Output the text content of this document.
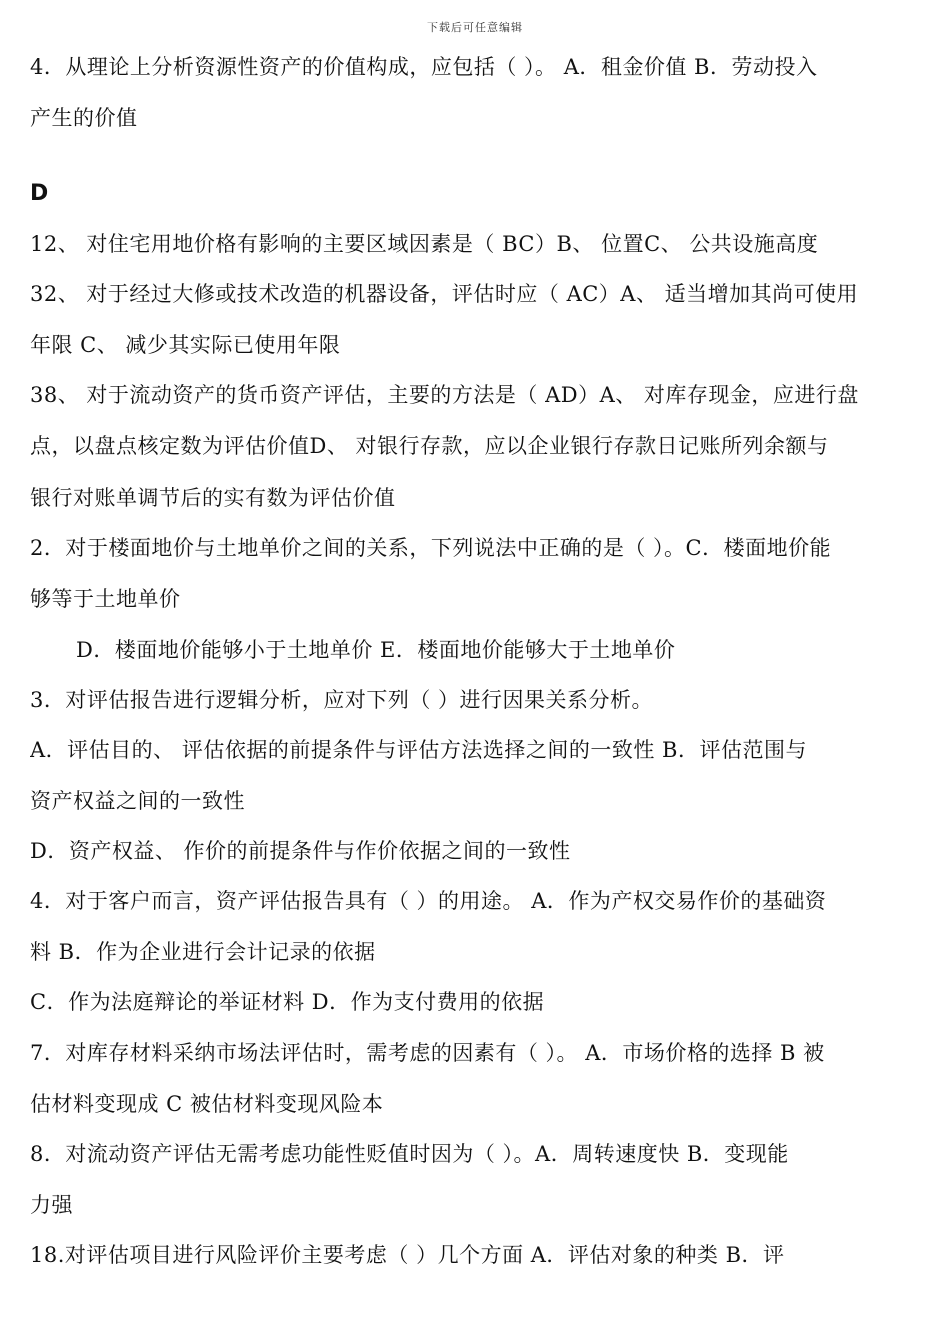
下载后可任意编辑
4．从理论上分析资源性资产的价值构成，应包括（ ）。 A．租金价值 B．劳动投入
产生的价值
D
12、 对住宅用地价格有影响的主要区域因素是（ BC）B、 位置C、 公共设施高度
32、 对于经过大修或技术改造的机器设备，评估时应（ AC）A、 适当增加其尚可使用
年限 C、 减少其实际已使用年限
38、 对于流动资产的货币资产评估，主要的方法是（ AD）A、 对库存现金，应进行盘
点，以盘点核定数为评估价值D、 对银行存款，应以企业银行存款日记账所列余额与
银行对账单调节后的实有数为评估价值
2．对于楼面地价与土地单价之间的关系，下列说法中正确的是（ ）。C．楼面地价能
够等于土地单价
D．楼面地价能够小于土地单价 E．楼面地价能够大于土地单价
3．对评估报告进行逻辑分析，应对下列（ ）进行因果关系分析。
A．评估目的、 评估依据的前提条件与评估方法选择之间的一致性 B．评估范围与
资产权益之间的一致性
D．资产权益、 作价的前提条件与作价依据之间的一致性
4．对于客户而言，资产评估报告具有（ ）的用途。 A．作为产权交易作价的基础资
料 B．作为企业进行会计记录的依据
C．作为法庭辩论的举证材料 D．作为支付费用的依据
7．对库存材料采纳市场法评估时，需考虑的因素有（ ）。 A．市场价格的选择 B 被
估材料变现成 C 被估材料变现风险本
8．对流动资产评估无需考虑功能性贬值时因为（ ）。A．周转速度快 B．变现能
力强
18.对评估项目进行风险评价主要考虑（ ）几个方面 A．评估对象的种类 B．评
